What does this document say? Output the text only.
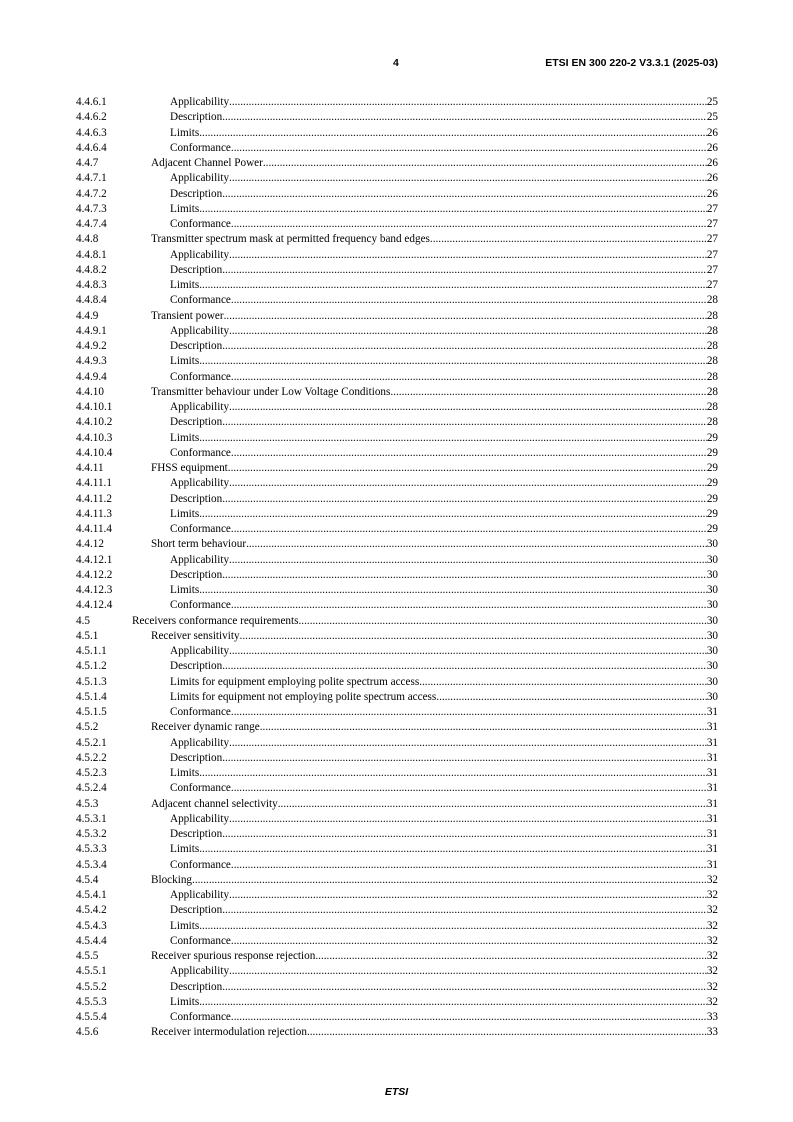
4	ETSI EN 300 220-2 V3.3.1 (2025-03)
4.4.6.1	Applicability .....	25
4.4.6.2	Description .....	25
4.4.6.3	Limits .....	26
4.4.6.4	Conformance .....	26
4.4.7	Adjacent Channel Power .....	26
4.4.7.1	Applicability .....	26
4.4.7.2	Description .....	26
4.4.7.3	Limits .....	27
4.4.7.4	Conformance .....	27
4.4.8	Transmitter spectrum mask at permitted frequency band edges .....	27
4.4.8.1	Applicability .....	27
4.4.8.2	Description .....	27
4.4.8.3	Limits .....	27
4.4.8.4	Conformance .....	28
4.4.9	Transient power .....	28
4.4.9.1	Applicability .....	28
4.4.9.2	Description .....	28
4.4.9.3	Limits .....	28
4.4.9.4	Conformance .....	28
4.4.10	Transmitter behaviour under Low Voltage Conditions .....	28
4.4.10.1	Applicability .....	28
4.4.10.2	Description .....	28
4.4.10.3	Limits .....	29
4.4.10.4	Conformance .....	29
4.4.11	FHSS equipment .....	29
4.4.11.1	Applicability .....	29
4.4.11.2	Description .....	29
4.4.11.3	Limits .....	29
4.4.11.4	Conformance .....	29
4.4.12	Short term behaviour .....	30
4.4.12.1	Applicability .....	30
4.4.12.2	Description .....	30
4.4.12.3	Limits .....	30
4.4.12.4	Conformance .....	30
4.5	Receivers conformance requirements .....	30
4.5.1	Receiver sensitivity .....	30
4.5.1.1	Applicability .....	30
4.5.1.2	Description .....	30
4.5.1.3	Limits for equipment employing polite spectrum access .....	30
4.5.1.4	Limits for equipment not employing polite spectrum access .....	30
4.5.1.5	Conformance .....	31
4.5.2	Receiver dynamic range .....	31
4.5.2.1	Applicability .....	31
4.5.2.2	Description .....	31
4.5.2.3	Limits .....	31
4.5.2.4	Conformance .....	31
4.5.3	Adjacent channel selectivity .....	31
4.5.3.1	Applicability .....	31
4.5.3.2	Description .....	31
4.5.3.3	Limits .....	31
4.5.3.4	Conformance .....	31
4.5.4	Blocking .....	32
4.5.4.1	Applicability .....	32
4.5.4.2	Description .....	32
4.5.4.3	Limits .....	32
4.5.4.4	Conformance .....	32
4.5.5	Receiver spurious response rejection .....	32
4.5.5.1	Applicability .....	32
4.5.5.2	Description .....	32
4.5.5.3	Limits .....	32
4.5.5.4	Conformance .....	33
4.5.6	Receiver intermodulation rejection .....	33
ETSI
